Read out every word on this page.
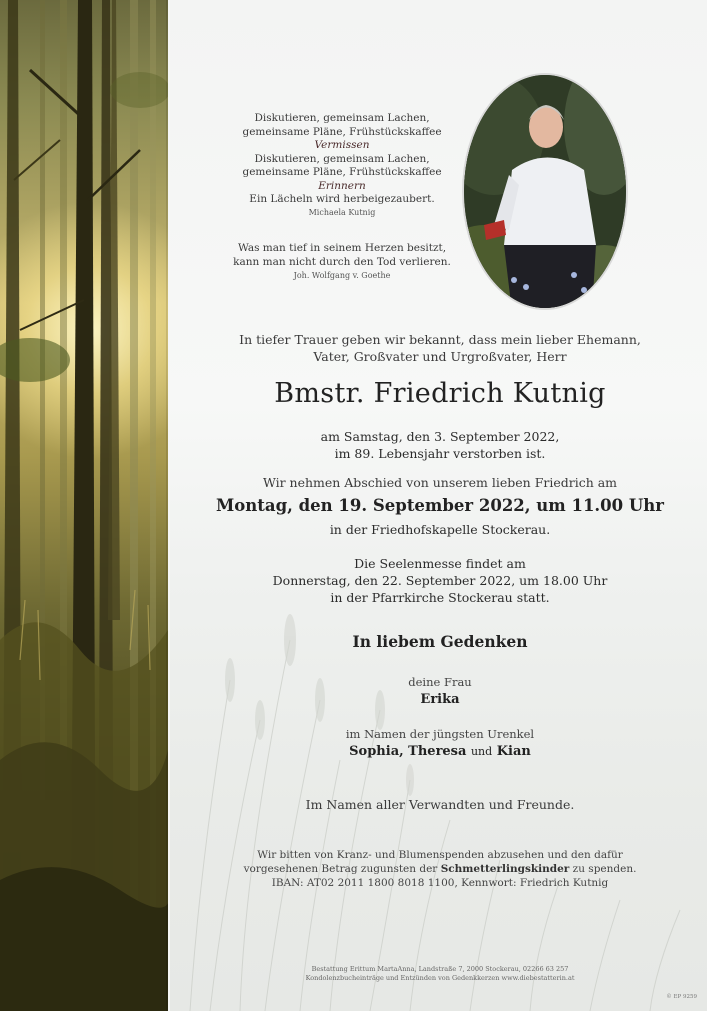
Diskutieren, gemeinsam Lachen,
gemeinsame Pläne, Frühstückskaffee
Vermissen
Diskutieren, gemeinsam Lachen,
gemeinsame Pläne, Frühstückskaffee
Erinnern
Ein Lächeln wird herbeigezaubert.
Michaela Kutnig
Was man tief in seinem Herzen besitzt,
kann man nicht durch den Tod verlieren.
Joh. Wolfgang v. Goethe
In tiefer Trauer geben wir bekannt, dass mein lieber Ehemann,
Vater, Großvater und Urgroßvater, Herr
Bmstr. Friedrich Kutnig
am Samstag, den 3. September 2022,
im 89. Lebensjahr verstorben ist.
Wir nehmen Abschied von unserem lieben Friedrich am
Montag, den 19. September 2022, um 11.00 Uhr
in der Friedhofskapelle Stockerau.
Die Seelenmesse findet am
Donnerstag, den 22. September 2022, um 18.00 Uhr
in der Pfarrkirche Stockerau statt.
In liebem Gedenken
deine Frau
Erika
im Namen der jüngsten Urenkel
Sophia, Theresa und Kian
Im Namen aller Verwandten und Freunde.
Wir bitten von Kranz- und Blumenspenden abzusehen und den dafür
vorgesehenen Betrag zugunsten der Schmetterlingskinder zu spenden.
IBAN: AT02 2011 1800 8018 1100, Kennwort: Friedrich Kutnig
Bestattung Erittum MartaAnna, Landstraße 7, 2000 Stockerau, 02266 63 257
Kondolenzbucheinträge und Entzünden von Gedenkkerzen www.diebestatterin.at
© EP 9259
